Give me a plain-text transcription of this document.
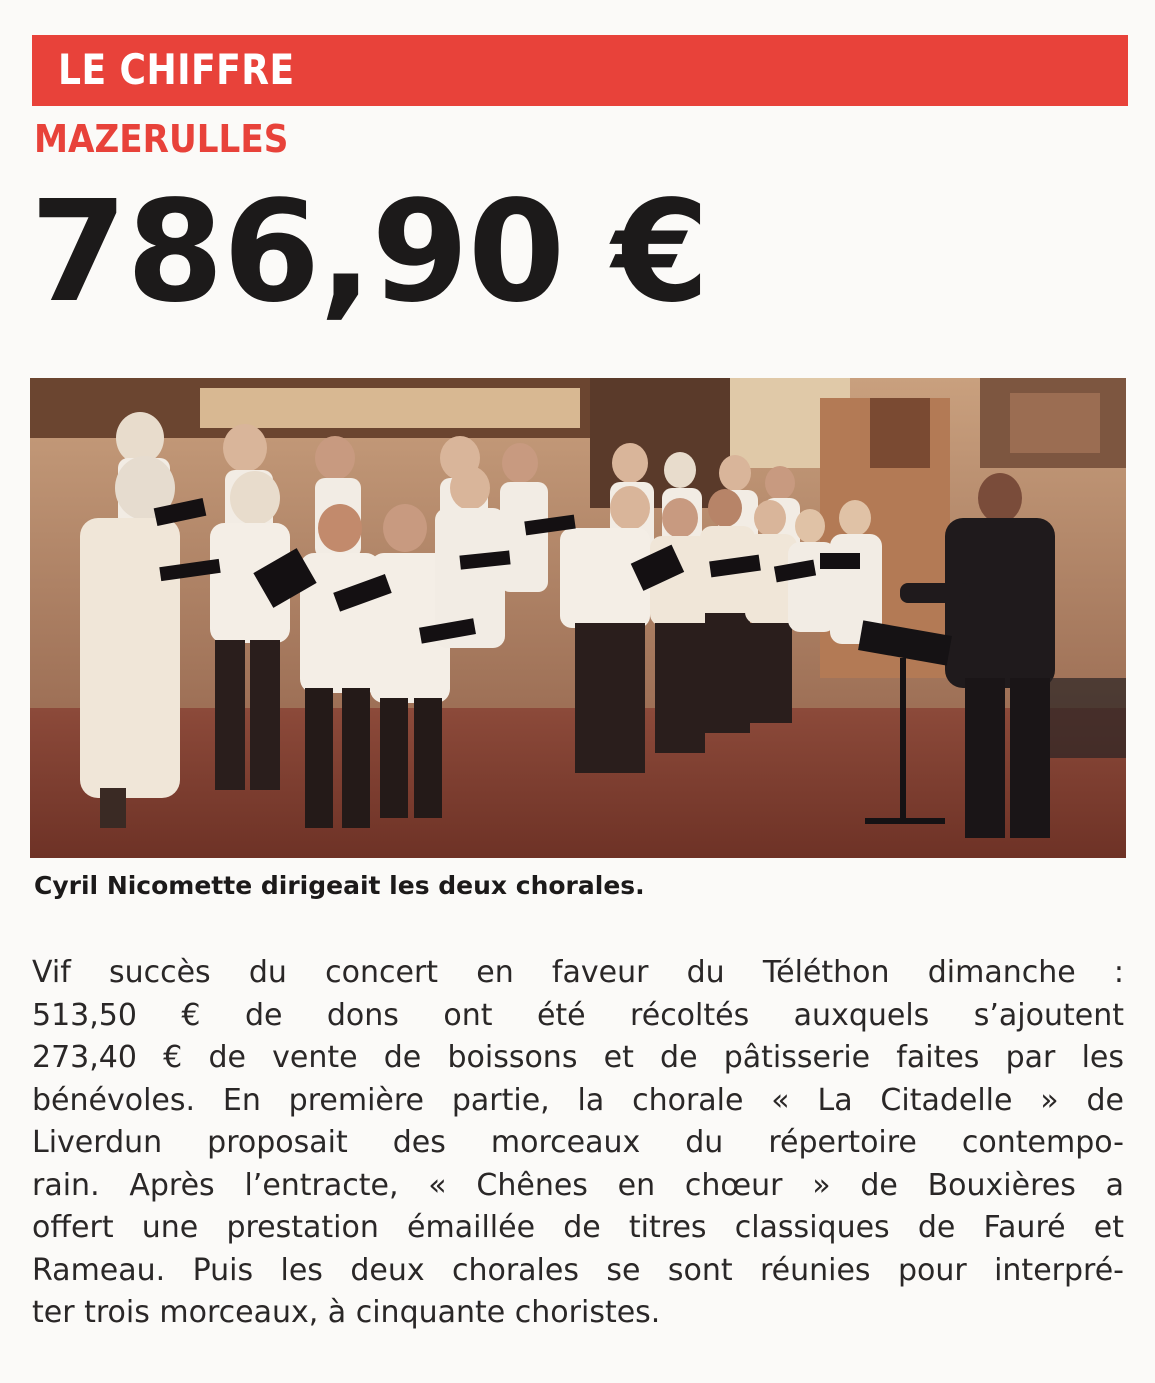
LE CHIFFRE
MAZERULLES
786,90 €
Cyril Nicomette dirigeait les deux chorales.
Vif succès du concert en faveur du Téléthon dimanche :
513,50 € de dons ont été récoltés auxquels s’ajoutent
273,40 € de vente de boissons et de pâtisserie faites par les
bénévoles. En première partie, la chorale « La Citadelle » de
Liverdun proposait des morceaux du répertoire contempo-
rain. Après l’entracte, « Chênes en chœur » de Bouxières a
offert une prestation émaillée de titres classiques de Fauré et
Rameau. Puis les deux chorales se sont réunies pour interpré-
ter trois morceaux, à cinquante choristes.
